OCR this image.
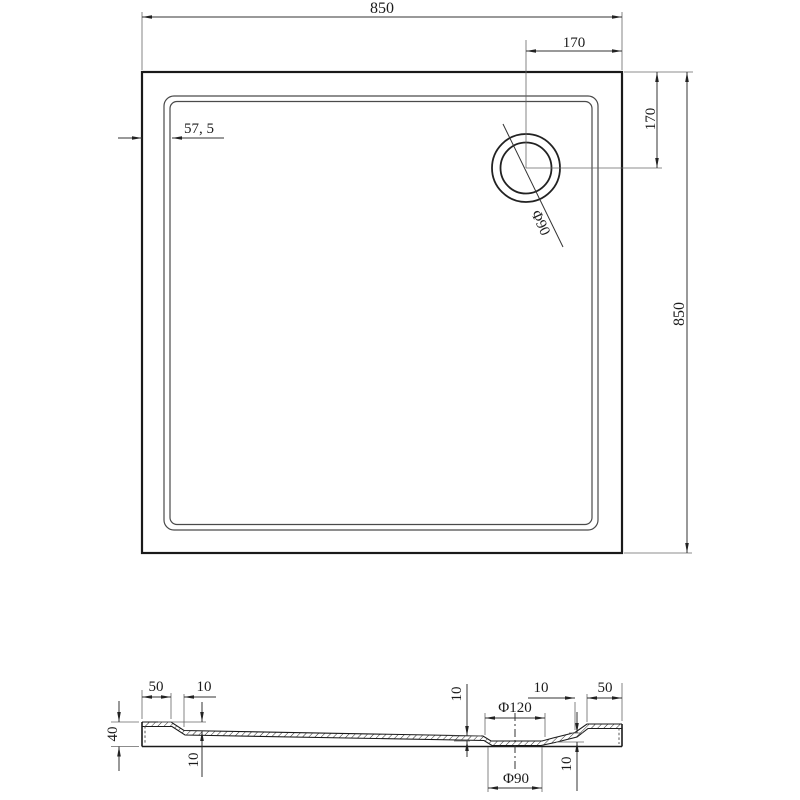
850
170
57, 5	170
850
Φ90
50 10
40
10
10
Φ120
Φ90
10	50
10
